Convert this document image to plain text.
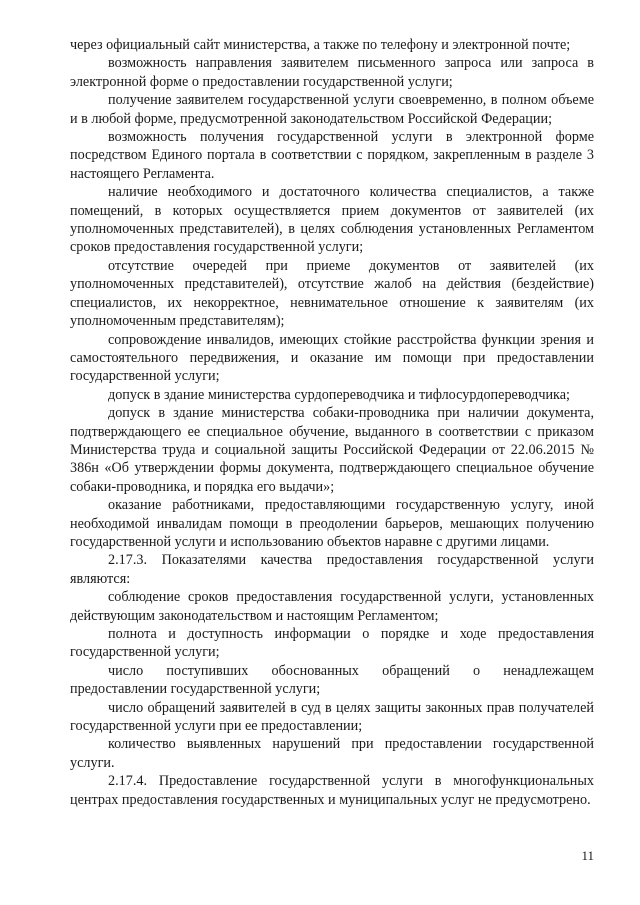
через официальный сайт министерства, а также по телефону и электронной почте;

возможность направления заявителем письменного запроса или запроса в электронной форме о предоставлении государственной услуги;

получение заявителем государственной услуги своевременно, в полном объеме и в любой форме, предусмотренной законодательством Российской Федерации;

возможность получения государственной услуги в электронной форме посредством Единого портала в соответствии с порядком, закрепленным в разделе 3 настоящего Регламента.

наличие необходимого и достаточного количества специалистов, а также помещений, в которых осуществляется прием документов от заявителей (их уполномоченных представителей), в целях соблюдения установленных Регламентом сроков предоставления государственной услуги;

отсутствие очередей при приеме документов от заявителей (их уполномоченных представителей), отсутствие жалоб на действия (бездействие) специалистов, их некорректное, невнимательное отношение к заявителям (их уполномоченным представителям);

сопровождение инвалидов, имеющих стойкие расстройства функции зрения и самостоятельного передвижения, и оказание им помощи при предоставлении государственной услуги;

допуск в здание министерства сурдопереводчика и тифлосурдопереводчика;

допуск в здание министерства собаки-проводника при наличии документа, подтверждающего ее специальное обучение, выданного в соответствии с приказом Министерства труда и социальной защиты Российской Федерации от 22.06.2015 № 386н «Об утверждении формы документа, подтверждающего специальное обучение собаки-проводника, и порядка его выдачи»;

оказание работниками, предоставляющими государственную услугу, иной необходимой инвалидам помощи в преодолении барьеров, мешающих получению государственной услуги и использованию объектов наравне с другими лицами.

2.17.3. Показателями качества предоставления государственной услуги являются:

соблюдение сроков предоставления государственной услуги, установленных действующим законодательством и настоящим Регламентом;

полнота и доступность информации о порядке и ходе предоставления государственной услуги;

число поступивших обоснованных обращений о ненадлежащем предоставлении государственной услуги;

число обращений заявителей в суд в целях защиты законных прав получателей государственной услуги при ее предоставлении;

количество выявленных нарушений при предоставлении государственной услуги.

2.17.4. Предоставление государственной услуги в многофункциональных центрах предоставления государственных и муниципальных услуг не предусмотрено.

11
